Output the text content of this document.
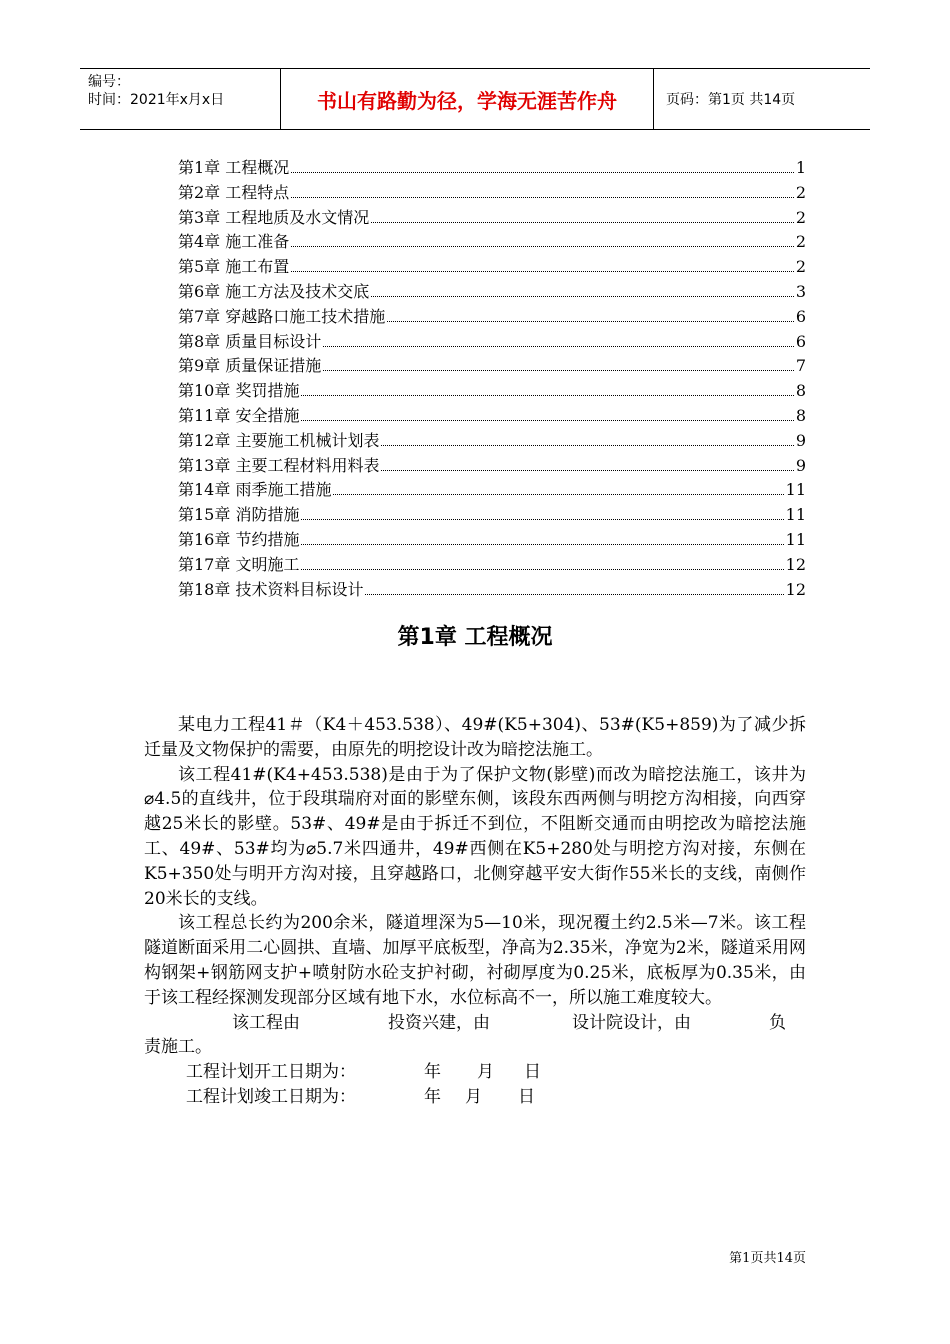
编号：
时间：2021年x月x日	书山有路勤为径，学海无涯苦作舟	页码：第1页 共14页
第1章 工程概况	1
第2章 工程特点	2
第3章 工程地质及水文情况	2
第4章 施工准备	2
第5章 施工布置	2
第6章 施工方法及技术交底	3
第7章 穿越路口施工技术措施	6
第8章 质量目标设计	6
第9章 质量保证措施	7
第10章 奖罚措施	8
第11章 安全措施	8
第12章 主要施工机械计划表	9
第13章 主要工程材料用料表	9
第14章 雨季施工措施	11
第15章 消防措施	11
第16章 节约措施	11
第17章 文明施工	12
第18章 技术资料目标设计	12
第1章 工程概况

某电力工程41＃（K4＋453.538）、49#(K5+304)、53#(K5+859)为了减少拆迁量及文物保护的需要，由原先的明挖设计改为暗挖法施工。

该工程41#(K4+453.538)是由于为了保护文物(影壁)而改为暗挖法施工，该井为⌀4.5的直线井，位于段琪瑞府对面的影壁东侧，该段东西两侧与明挖方沟相接，向西穿越25米长的影壁。53#、49#是由于拆迁不到位，不阻断交通而由明挖改为暗挖法施工、49#、53#均为⌀5.7米四通井，49#西侧在K5+280处与明挖方沟对接，东侧在K5+350处与明开方沟对接，且穿越路口，北侧穿越平安大街作55米长的支线，南侧作20米长的支线。

该工程总长约为200余米，隧道埋深为5—10米，现况覆土约2.5米—7米。该工程隧道断面采用二心圆拱、直墙、加厚平底板型，净高为2.35米，净宽为2米，隧道采用网构钢架+钢筋网支护+喷射防水砼支护衬砌，衬砌厚度为0.25米，底板厚为0.35米，由于该工程经探测发现部分区域有地下水，水位标高不一，所以施工难度较大。

该工程由	投资兴建，由	设计院设计，由	负

责施工。

工程计划开工日期为：	年 月 日

工程计划竣工日期为：	年 月 日

第1页共14页
